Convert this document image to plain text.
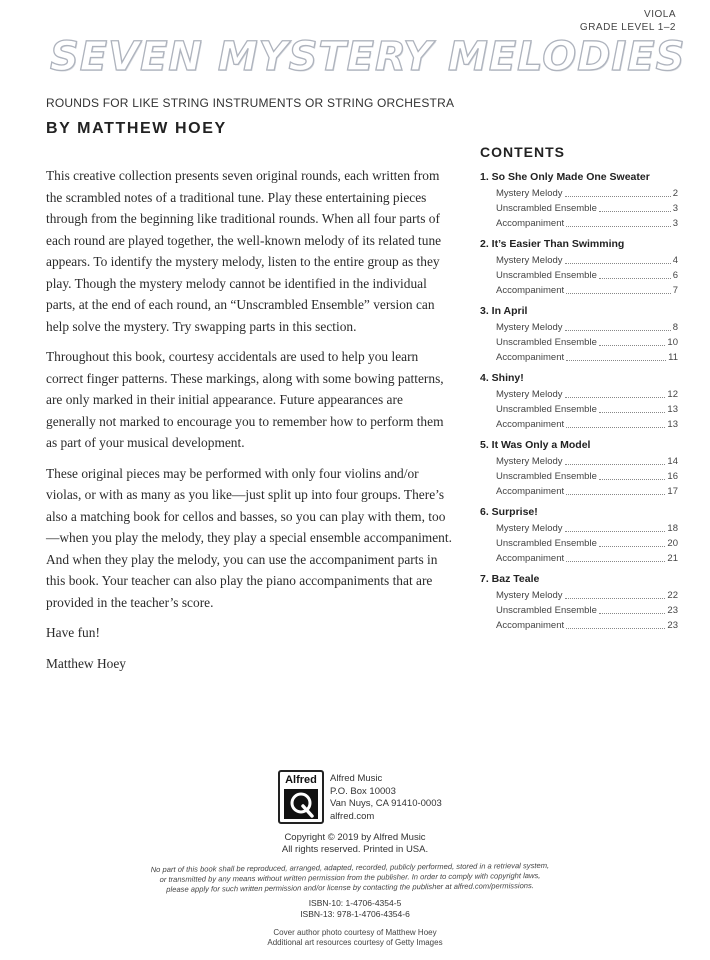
SEVEN MYSTERY MELODIES
VIOLA
GRADE LEVEL 1–2
ROUNDS FOR LIKE STRING INSTRUMENTS OR STRING ORCHESTRA
BY MATTHEW HOEY

This creative collection presents seven original rounds, each written from the scrambled notes of a traditional tune. Play these entertaining pieces through from the beginning like traditional rounds. When all four parts of each round are played together, the well-known melody of its related tune appears. To identify the mystery melody, listen to the entire group as they play. Though the mystery melody cannot be identified in the individual parts, at the end of each round, an “Unscrambled Ensemble” version can help solve the mystery. Try swapping parts in this section.

Throughout this book, courtesy accidentals are used to help you learn correct finger patterns. These markings, along with some bowing patterns, are only marked in their initial appearance. Future appearances are generally not marked to encourage you to remember how to perform them as part of your musical development.

These original pieces may be performed with only four violins and/or violas, or with as many as you like—just split up into four groups. There’s also a matching book for cellos and basses, so you can play with them, too—when you play the melody, they play a special ensemble accompaniment. And when they play the melody, you can use the accompaniment parts in this book. Your teacher can also play the piano accompaniments that are provided in the teacher’s score.

Have fun!

Matthew Hoey

CONTENTS
1. So She Only Made One Sweater
Mystery Melody	2
Unscrambled Ensemble	3
Accompaniment	3
2. It’s Easier Than Swimming
Mystery Melody	4
Unscrambled Ensemble	6
Accompaniment	7
3. In April
Mystery Melody	8
Unscrambled Ensemble	10
Accompaniment	11
4. Shiny!
Mystery Melody	12
Unscrambled Ensemble	13
Accompaniment	13
5. It Was Only a Model
Mystery Melody	14
Unscrambled Ensemble	16
Accompaniment	17
6. Surprise!
Mystery Melody	18
Unscrambled Ensemble	20
Accompaniment	21
7. Baz Teale
Mystery Melody	22
Unscrambled Ensemble	23
Accompaniment	23
Alfred	Alfred Music
P.O. Box 10003
Van Nuys, CA 91410-0003
alfred.com
Copyright © 2019 by Alfred Music
All rights reserved. Printed in USA.
No part of this book shall be reproduced, arranged, adapted, recorded, publicly performed, stored in a retrieval system,
or transmitted by any means without written permission from the publisher. In order to comply with copyright laws,
please apply for such written permission and/or license by contacting the publisher at alfred.com/permissions.
ISBN-10: 1-4706-4354-5
ISBN-13: 978-1-4706-4354-6
Cover author photo courtesy of Matthew Hoey
Additional art resources courtesy of Getty Images
